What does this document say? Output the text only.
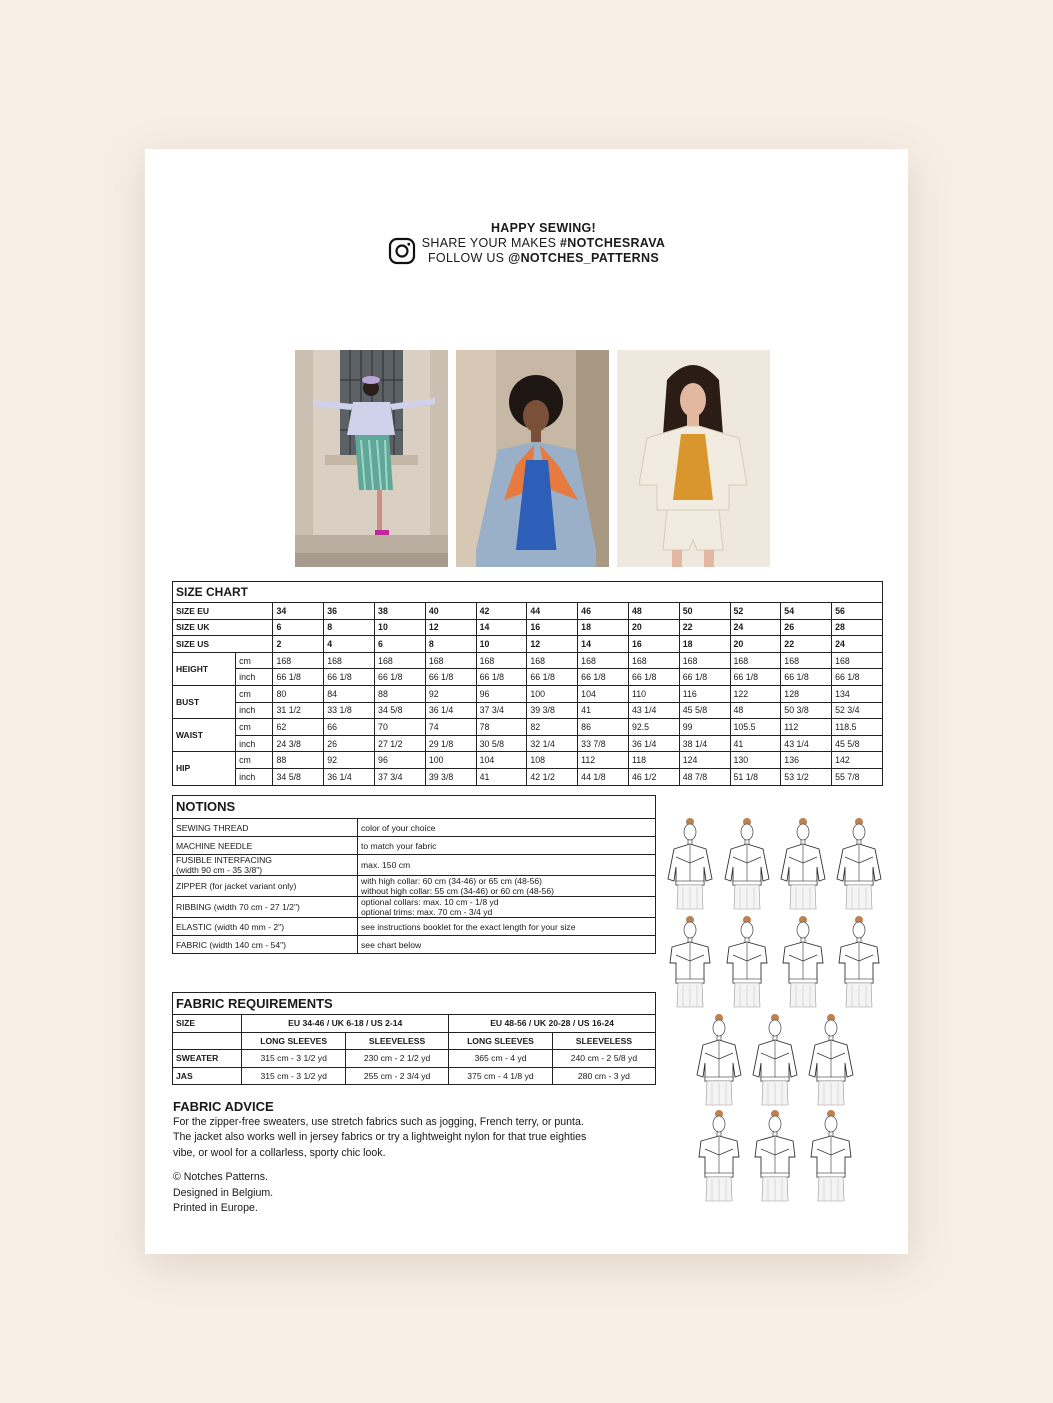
HAPPY SEWING!
SHARE YOUR MAKES #NOTCHESRAVA
FOLLOW US @NOTCHES_PATTERNS
SIZE CHART													
SIZE EU		34	36	38	40	42	44	46	48	50	52	54	56
SIZE UK		6	8	10	12	14	16	18	20	22	24	26	28
SIZE US		2	4	6	8	10	12	14	16	18	20	22	24
HEIGHT	cm	168	168	168	168	168	168	168	168	168	168	168	168
	inch	66 1/8	66 1/8	66 1/8	66 1/8	66 1/8	66 1/8	66 1/8	66 1/8	66 1/8	66 1/8	66 1/8	66 1/8
BUST	cm	80	84	88	92	96	100	104	110	116	122	128	134
	inch	31 1/2	33 1/8	34 5/8	36 1/4	37 3/4	39 3/8	41	43 1/4	45 5/8	48	50 3/8	52 3/4
WAIST	cm	62	66	70	74	78	82	86	92.5	99	105.5	112	118.5
	inch	24 3/8	26	27 1/2	29 1/8	30 5/8	32 1/4	33 7/8	36 1/4	38 1/4	41	43 1/4	45 5/8
HIP	cm	88	92	96	100	104	108	112	118	124	130	136	142
	inch	34 5/8	36 1/4	37 3/4	39 3/8	41	42 1/2	44 1/8	46 1/2	48 7/8	51 1/8	53 1/2	55 7/8
NOTIONS	

SEWING THREAD	color of your choice

MACHINE NEEDLE	to match your fabric

FUSIBLE INTERFACING
(width 90 cm - 35 3/8")	max. 150 cm

ZIPPER (for jacket variant only)	with high collar: 60 cm (34-46) or 65 cm (48-56)
without high collar: 55 cm (34-46) or 60 cm (48-56)

RIBBING (width 70 cm - 27 1/2")	optional collars: max. 10 cm - 1/8 yd
optional trims: max. 70 cm - 3/4 yd

ELASTIC (width 40 mm - 2")	see instructions booklet for the exact length for your size

FABRIC (width 140 cm - 54")	see chart below
FABRIC REQUIREMENTS				
SIZE	EU 34-46 / UK 6-18 / US 2-14		EU 48-56 / UK 20-28 / US 16-24	
	LONG SLEEVES	SLEEVELESS	LONG SLEEVES	SLEEVELESS
SWEATER	315 cm - 3 1/2 yd	230 cm - 2 1/2 yd	365 cm - 4 yd	240 cm - 2 5/8 yd
JAS	315 cm - 3 1/2 yd	255 cm - 2 3/4 yd	375 cm - 4 1/8 yd	280 cm - 3 yd
FABRIC ADVICE

For the zipper-free sweaters, use stretch fabrics such as jogging, French terry, or punta.

The jacket also works well in jersey fabrics or try a lightweight nylon for that true eighties

vibe, or wool for a collarless, sporty chic look.

© Notches Patterns.

Designed in Belgium.

Printed in Europe.
